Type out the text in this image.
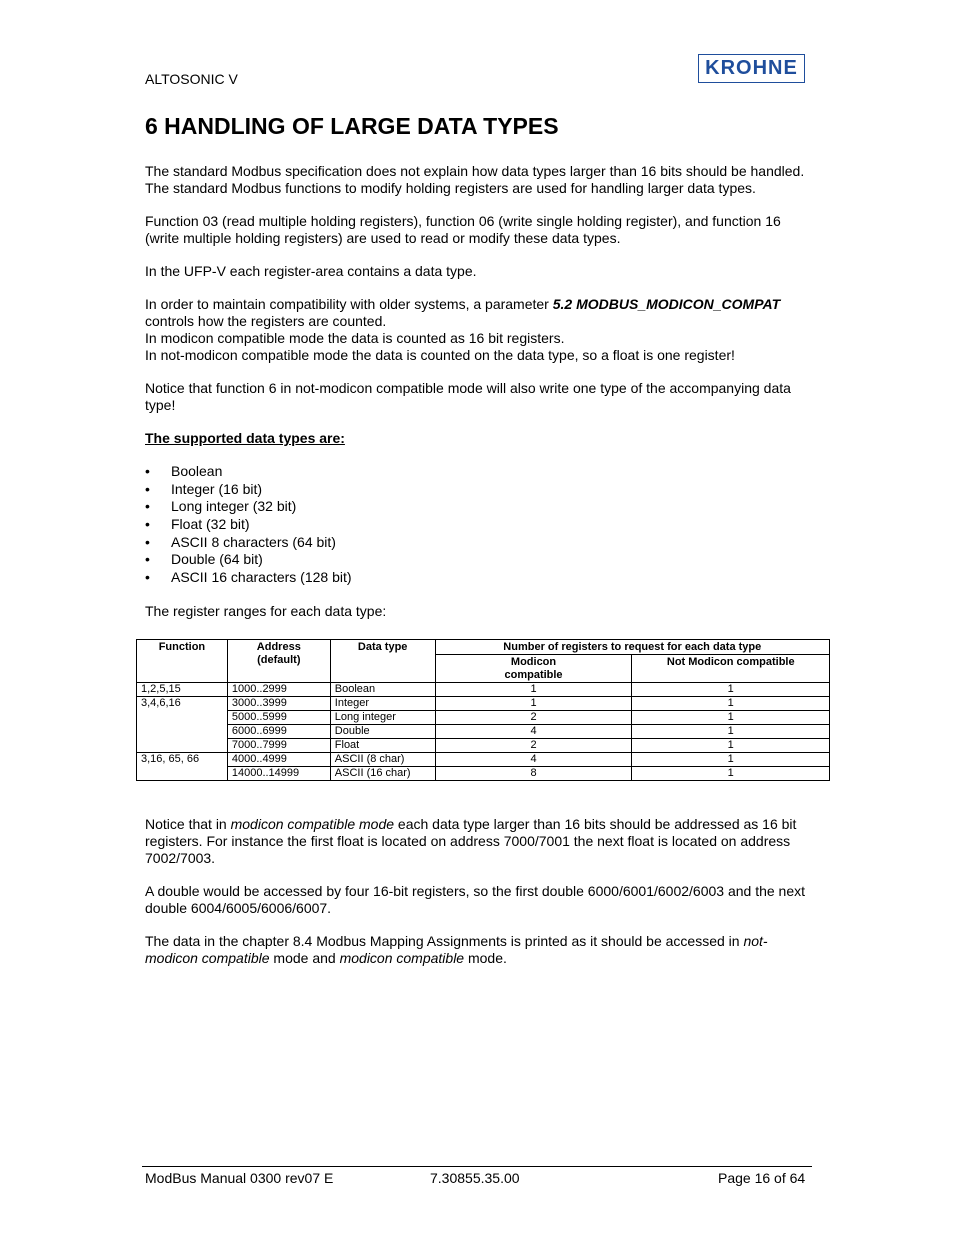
ALTOSONIC V	KROHNE
6 HANDLING OF LARGE DATA TYPES

The standard Modbus specification does not explain how data types larger than 16 bits should be handled. The standard Modbus functions to modify holding registers are used for handling larger data types.

Function 03 (read multiple holding registers), function 06 (write single holding register), and function 16 (write multiple holding registers) are used to read or modify these data types.

In the UFP-V each register-area contains a data type.

In order to maintain compatibility with older systems, a parameter 5.2 MODBUS_MODICON_COMPAT
controls how the registers are counted.
In modicon compatible mode the data is counted as 16 bit registers.
In not-modicon compatible mode the data is counted on the data type, so a float is one register!

Notice that function 6 in not-modicon compatible mode will also write one type of the accompanying data type!

The supported data types are:

• Boolean
• Integer (16 bit)
• Long integer (32 bit)
• Float (32 bit)
• ASCII 8 characters (64 bit)
• Double (64 bit)
• ASCII 16 characters (128 bit)

The register ranges for each data type:

Function	Address (default)	Data type	Number of registers to request for each data type	
			Modicon compatible	Not Modicon compatible
1,2,5,15	1000..2999	Boolean	1	1
3,4,6,16	3000..3999	Integer	1	1
	5000..5999	Long integer	2	1
	6000..6999	Double	4	1
	7000..7999	Float	2	1
3,16, 65, 66	4000..4999	ASCII (8 char)	4	1
	14000..14999	ASCII (16 char)	8	1

Notice that in modicon compatible mode each data type larger than 16 bits should be addressed as 16 bit registers. For instance the first float is located on address 7000/7001 the next float is located on address 7002/7003.

A double would be accessed by four 16-bit registers, so the first double 6000/6001/6002/6003 and the next double 6004/6005/6006/6007.

The data in the chapter 8.4 Modbus Mapping Assignments is printed as it should be accessed in not-modicon compatible mode and modicon compatible mode.

ModBus Manual 0300 rev07 E	7.30855.35.00	Page 16 of 64
